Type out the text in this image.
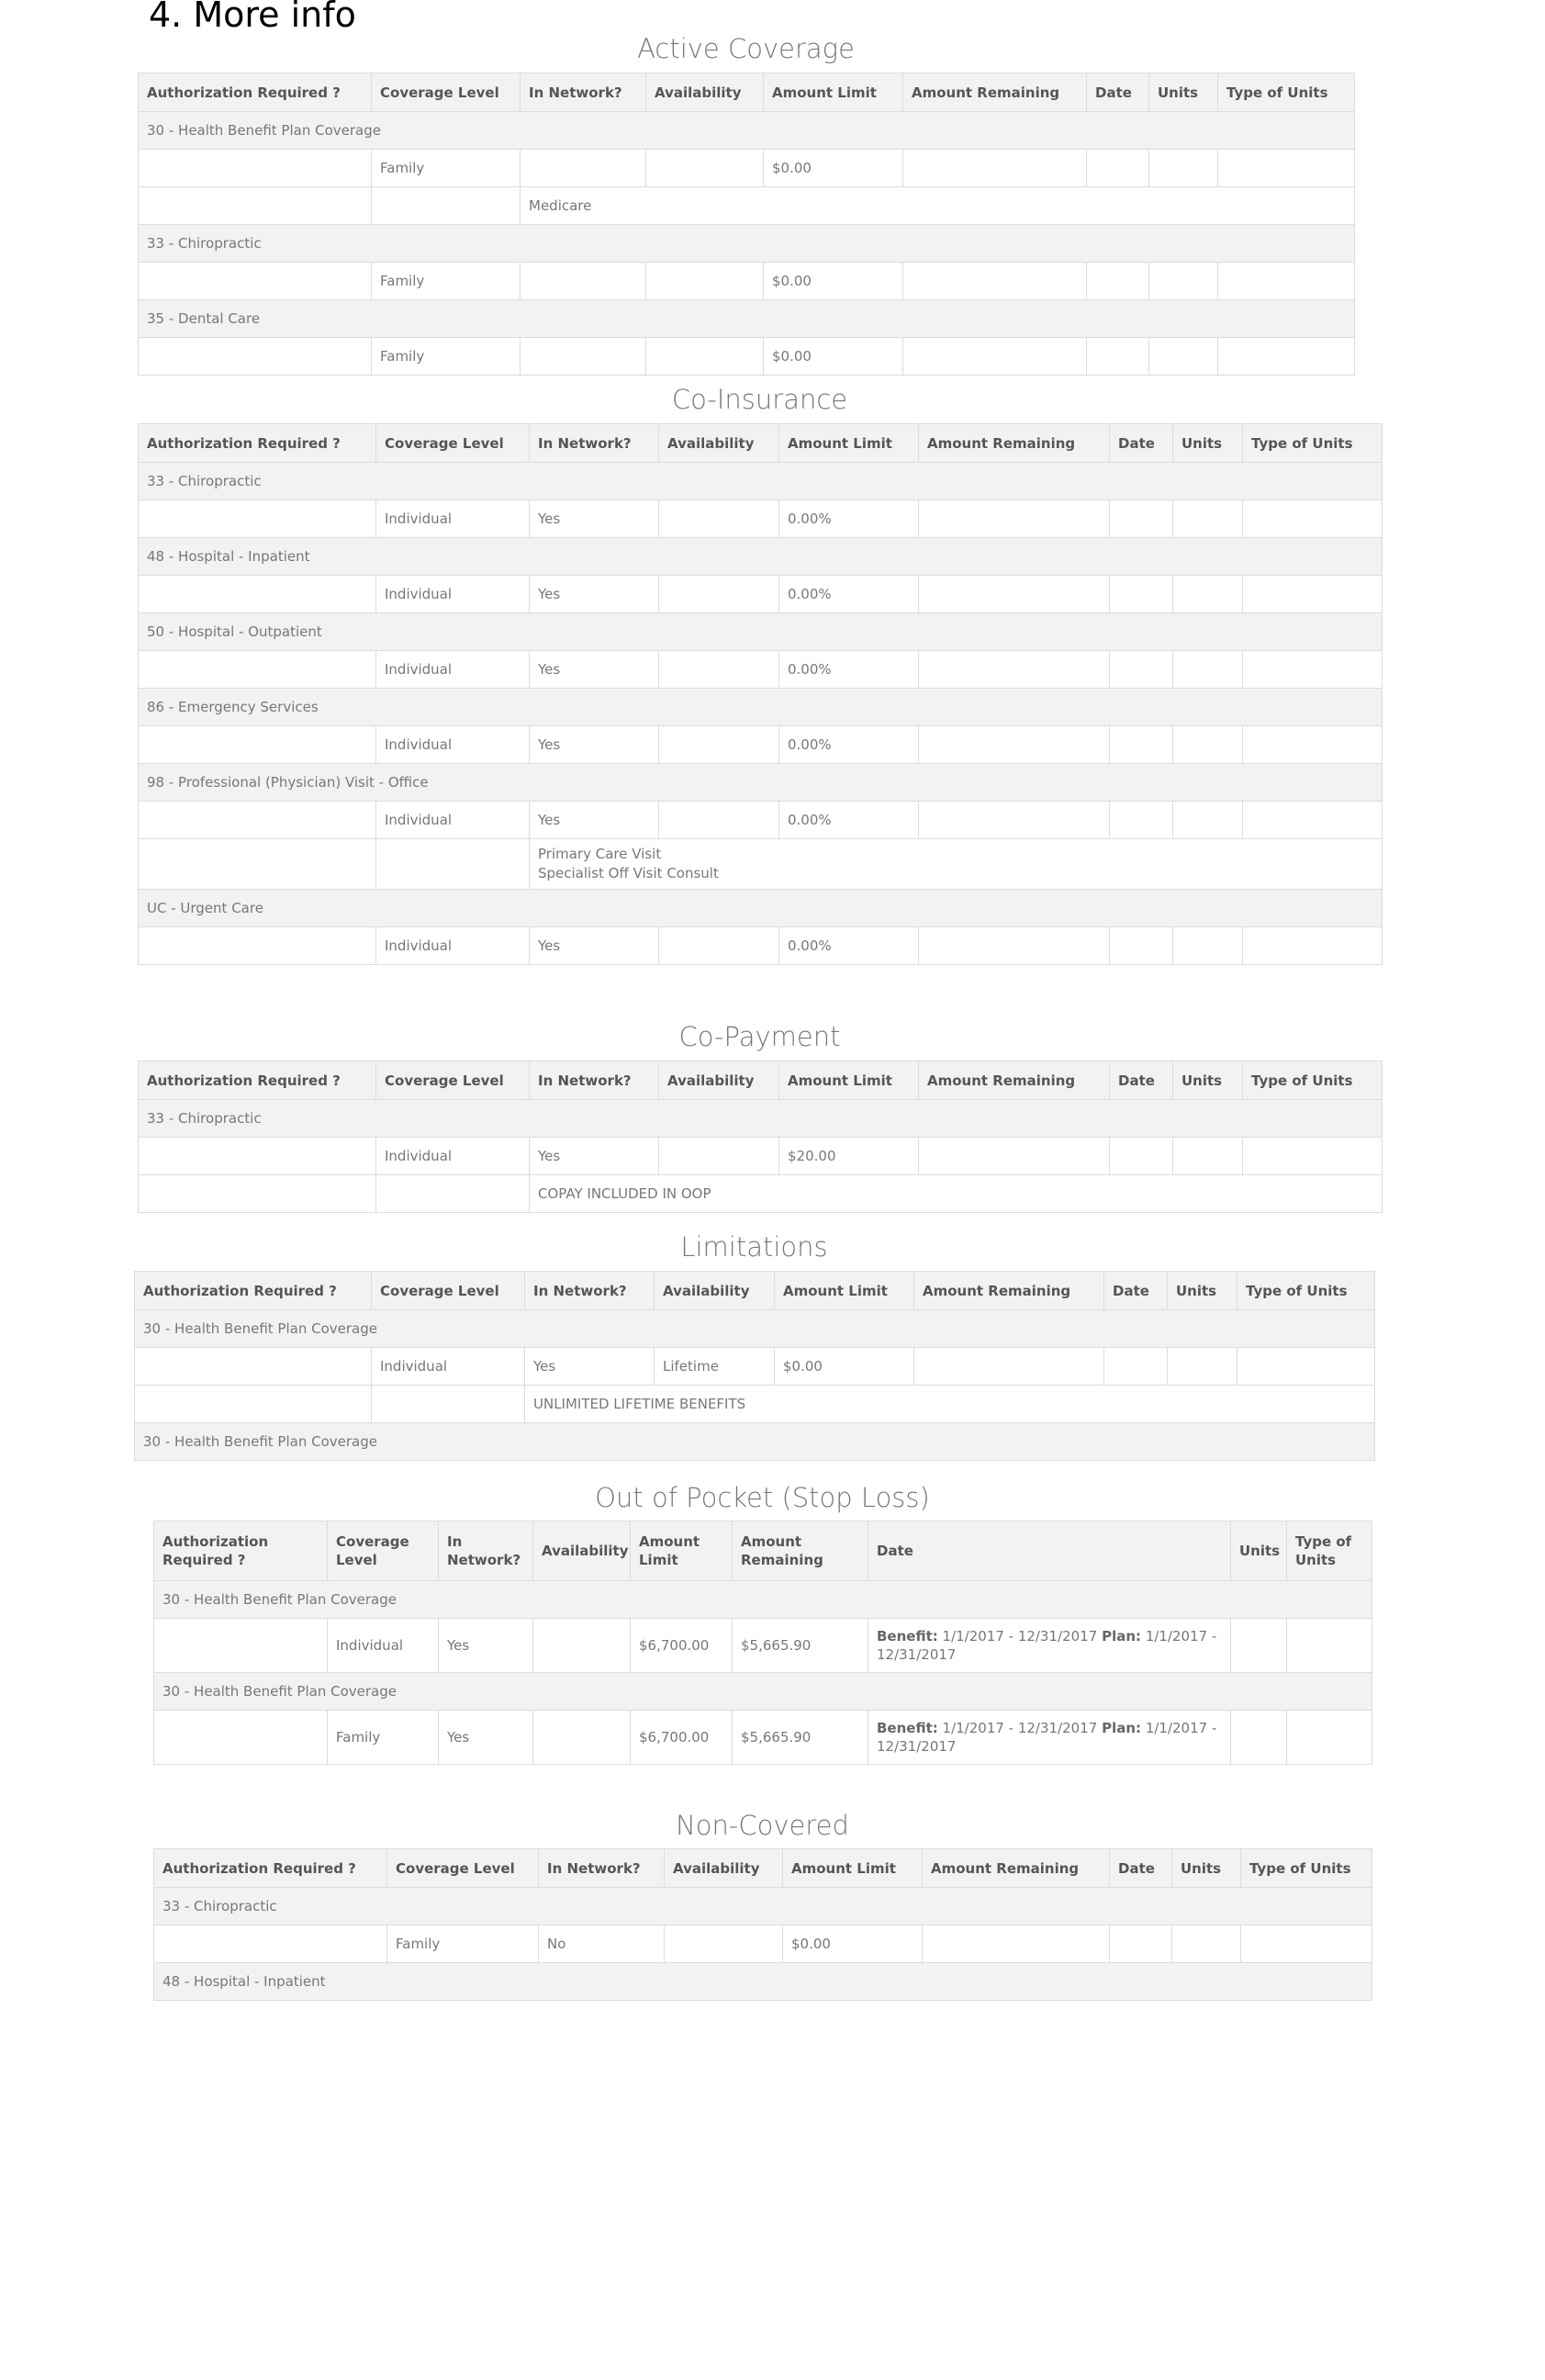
4. More info
Active Coverage
Authorization Required ?	Coverage Level	In Network?	Availability	Amount Limit	Amount Remaining	Date	Units	Type of Units
30 - Health Benefit Plan Coverage								
	Family			$0.00				
		Medicare						
33 - Chiropractic								
	Family			$0.00				
35 - Dental Care								
	Family			$0.00				
Co-Insurance
Authorization Required ?	Coverage Level	In Network?	Availability	Amount Limit	Amount Remaining	Date	Units	Type of Units
33 - Chiropractic								
	Individual	Yes		0.00%				
48 - Hospital - Inpatient								
	Individual	Yes		0.00%				
50 - Hospital - Outpatient								
	Individual	Yes		0.00%				
86 - Emergency Services								
	Individual	Yes		0.00%				
98 - Professional (Physician) Visit - Office								
	Individual	Yes		0.00%				

		Primary Care Visit
Specialist Off Visit Consult						

UC - Urgent Care								
	Individual	Yes		0.00%				
Co-Payment
Authorization Required ?	Coverage Level	In Network?	Availability	Amount Limit	Amount Remaining	Date	Units	Type of Units
33 - Chiropractic								
	Individual	Yes		$20.00				
		COPAY INCLUDED IN OOP						
Limitations
Authorization Required ?	Coverage Level	In Network?	Availability	Amount Limit	Amount Remaining	Date	Units	Type of Units
30 - Health Benefit Plan Coverage								
	Individual	Yes	Lifetime	$0.00				
		UNLIMITED LIFETIME BENEFITS						
30 - Health Benefit Plan Coverage								
Out of Pocket (Stop Loss)
Authorization Required ?	Coverage Level	In Network?	Availability	Amount Limit	Amount Remaining	Date	Units	Type of Units
30 - Health Benefit Plan Coverage								
	Individual	Yes		$6,700.00	$5,665.90	Benefit: 1/1/2017 - 12/31/2017 Plan: 1/1/2017 - 12/31/2017		
30 - Health Benefit Plan Coverage								
	Family	Yes		$6,700.00	$5,665.90	Benefit: 1/1/2017 - 12/31/2017 Plan: 1/1/2017 - 12/31/2017		
Non-Covered
Authorization Required ?	Coverage Level	In Network?	Availability	Amount Limit	Amount Remaining	Date	Units	Type of Units
33 - Chiropractic								
	Family	No		$0.00				
48 - Hospital - Inpatient								
